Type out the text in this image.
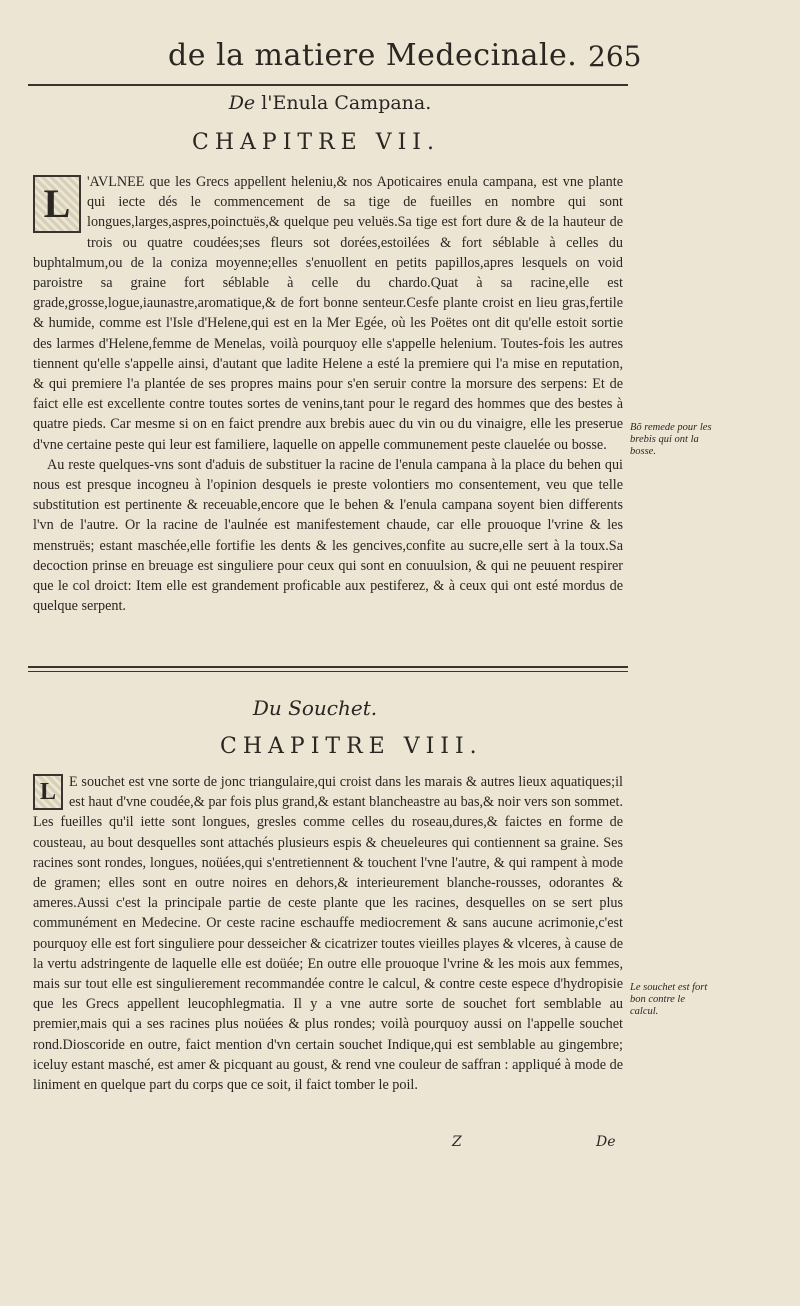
de la matiere Medecinale. 265
De l'Enula Campana.
CHAPITRE VII.
L	'AVLNEE que les Grecs appellent heleniu,& nos Apoticaires enula campana, est vne plante qui iecte dés le commencement de sa tige de fueilles en nombre qui sont longues,larges,aspres,poinctuës,& quelque peu veluës.Sa tige est fort dure & de la hauteur de trois ou quatre coudées;ses fleurs sot dorées,estoilées & fort séblable à celles du buphtalmum,ou de la coniza moyenne;elles s'enuollent en petits papillos,apres lesquels on void paroistre sa graine fort séblable à celle du chardo.Quat à sa racine,elle est grade,grosse,logue,iaunastre,aromatique,& de fort bonne senteur.Cesfe plante croist en lieu gras,fertile & humide, comme est l'Isle d'Helene,qui est en la Mer Egée, où les Poëtes ont dit qu'elle estoit sortie des larmes d'Helene,femme de Menelas, voilà pourquoy elle s'appelle helenium. Toutes-fois les autres tiennent qu'elle s'appelle ainsi, d'autant que ladite Helene a esté la premiere qui l'a mise en reputation, & qui premiere l'a plantée de ses propres mains pour s'en seruir contre la morsure des serpens: Et de faict elle est excellente contre toutes sortes de venins,tant pour le regard des hommes que des bestes à quatre pieds. Car mesme si on en faict prendre aux brebis auec du vin ou du vinaigre, elle les preserue d'vne certaine peste qui leur est familiere, laquelle on appelle communement peste clauelée ou bosse.

Au reste quelques-vns sont d'aduis de substituer la racine de l'enula campana à la place du behen qui nous est presque incogneu à l'opinion desquels ie preste volontiers mo consentement, veu que telle substitution est pertinente & receuable,encore que le behen & l'enula campana soyent bien differents l'vn de l'autre. Or la racine de l'aulnée est manifestement chaude, car elle prouoque l'vrine & les menstruës; estant maschée,elle fortifie les dents & les gencives,confite au sucre,elle sert à la toux.Sa decoction prinse en breuage est singuliere pour ceux qui sont en conuulsion, & qui ne peuuent respirer que le col droict: Item elle est grandement proficable aux pestiferez, & à ceux qui ont esté mordus de quelque serpent.

Bõ remede pour les brebis qui ont la bosse.
Du Souchet.
CHAPITRE VIII.
L E souchet est vne sorte de jonc triangulaire,qui croist dans les marais & autres lieux aquatiques;il est haut d'vne coudée,& par fois plus grand,& estant blancheastre au bas,& noir vers son sommet. Les fueilles qu'il iette sont longues, gresles comme celles du roseau,dures,& faictes en forme de cousteau, au bout desquelles sont attachés plusieurs espis & cheueleures qui contiennent sa graine. Ses racines sont rondes, longues, noüées,qui s'entretiennent & touchent l'vne l'autre, & qui rampent à mode de gramen; elles sont en outre noires en dehors,& interieurement blanche-rousses, odorantes & ameres.Aussi c'est la principale partie de ceste plante que les racines, desquelles on se sert plus communément en Medecine. Or ceste racine eschauffe mediocrement & sans aucune acrimonie,c'est pourquoy elle est fort singuliere pour desseicher & cicatrizer toutes vieilles playes & vlceres, à cause de la vertu adstringente de laquelle elle est doüée; En outre elle prouoque l'vrine & les mois aux femmes, mais sur tout elle est singulierement recommandée contre le calcul, & contre ceste espece d'hydropisie que les Grecs appellent leucophlegmatia. Il y a vne autre sorte de souchet fort semblable au premier,mais qui a ses racines plus noüées & plus rondes; voilà pourquoy aussi on l'appelle souchet rond.Dioscoride en outre, faict mention d'vn certain souchet Indique,qui est semblable au gingembre; iceluy estant masché, est amer & picquant au goust, & rend vne couleur de saffran : appliqué à mode de liniment en quelque part du corps que ce soit, il faict tomber le poil.

Le souchet est fort bon contre le calcul.
Z	De
